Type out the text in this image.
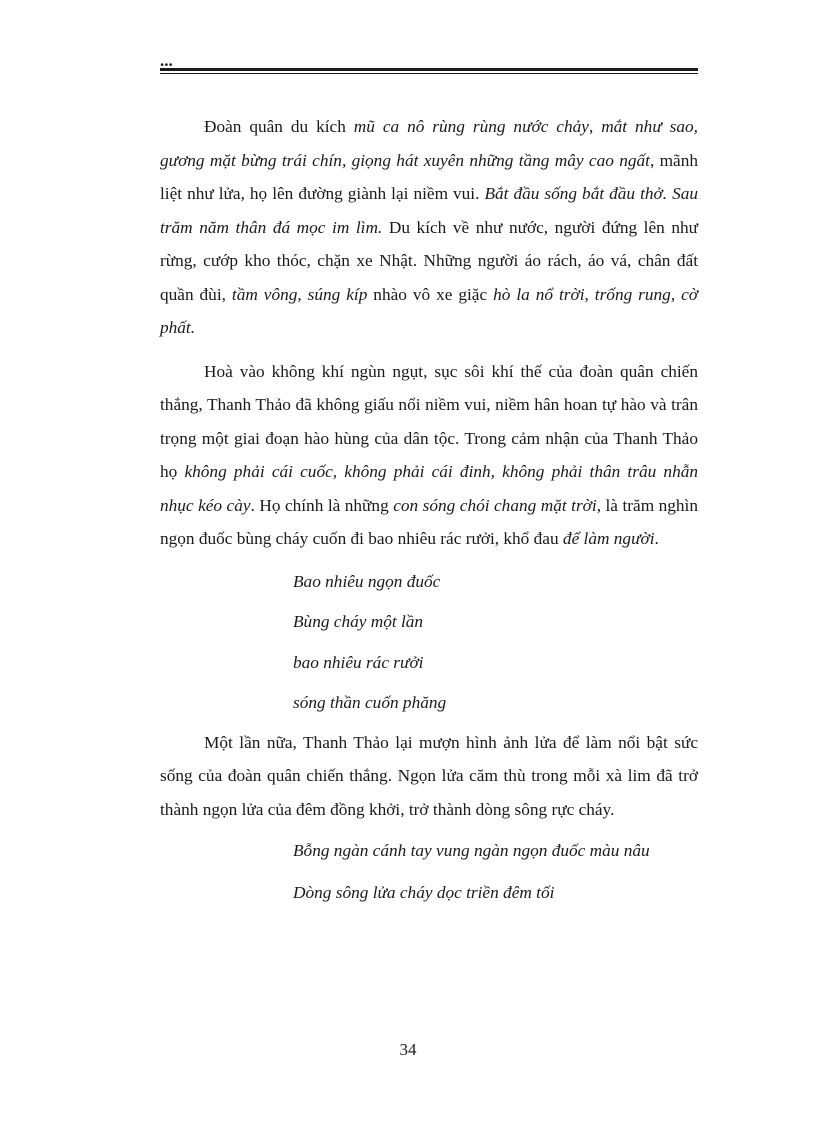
...

Đoàn quân du kích mũ ca nô rùng rùng nước chảy, mắt như sao, gương mặt bừng trái chín, giọng hát xuyên những tầng mây cao ngất, mãnh liệt như lửa, họ lên đường giành lại niềm vui. Bắt đầu sống bắt đầu thở. Sau trăm năm thân đá mọc im lìm. Du kích về như nước, người đứng lên như rừng, cướp kho thóc, chặn xe Nhật. Những người áo rách, áo vá, chân đất quần đùi, tầm vông, súng kíp nhào vô xe giặc hò la nổ trời, trống rung, cờ phất.

Hoà vào không khí ngùn ngụt, sục sôi khí thế của đoàn quân chiến thắng, Thanh Thảo đã không giấu nổi niềm vui, niềm hân hoan tự hào và trân trọng một giai đoạn hào hùng của dân tộc. Trong cảm nhận của Thanh Thảo họ không phải cái cuốc, không phải cái đinh, không phải thân trâu nhẫn nhục kéo cày. Họ chính là những con sóng chói chang mặt trời, là trăm nghìn ngọn đuốc bùng cháy cuốn đi bao nhiêu rác rưởi, khổ đau để làm người.

Bao nhiêu ngọn đuốc
Bùng cháy một lần
bao nhiêu rác rưởi
sóng thần cuốn phăng

Một lần nữa, Thanh Thảo lại mượn hình ảnh lửa để làm nổi bật sức sống của đoàn quân chiến thắng. Ngọn lửa căm thù trong mỗi xà lim đã trở thành ngọn lửa của đêm đồng khởi, trở thành dòng sông rực cháy.

Bỗng ngàn cánh tay vung ngàn ngọn đuốc màu nâu
Dòng sông lửa cháy dọc triền đêm tối
34
